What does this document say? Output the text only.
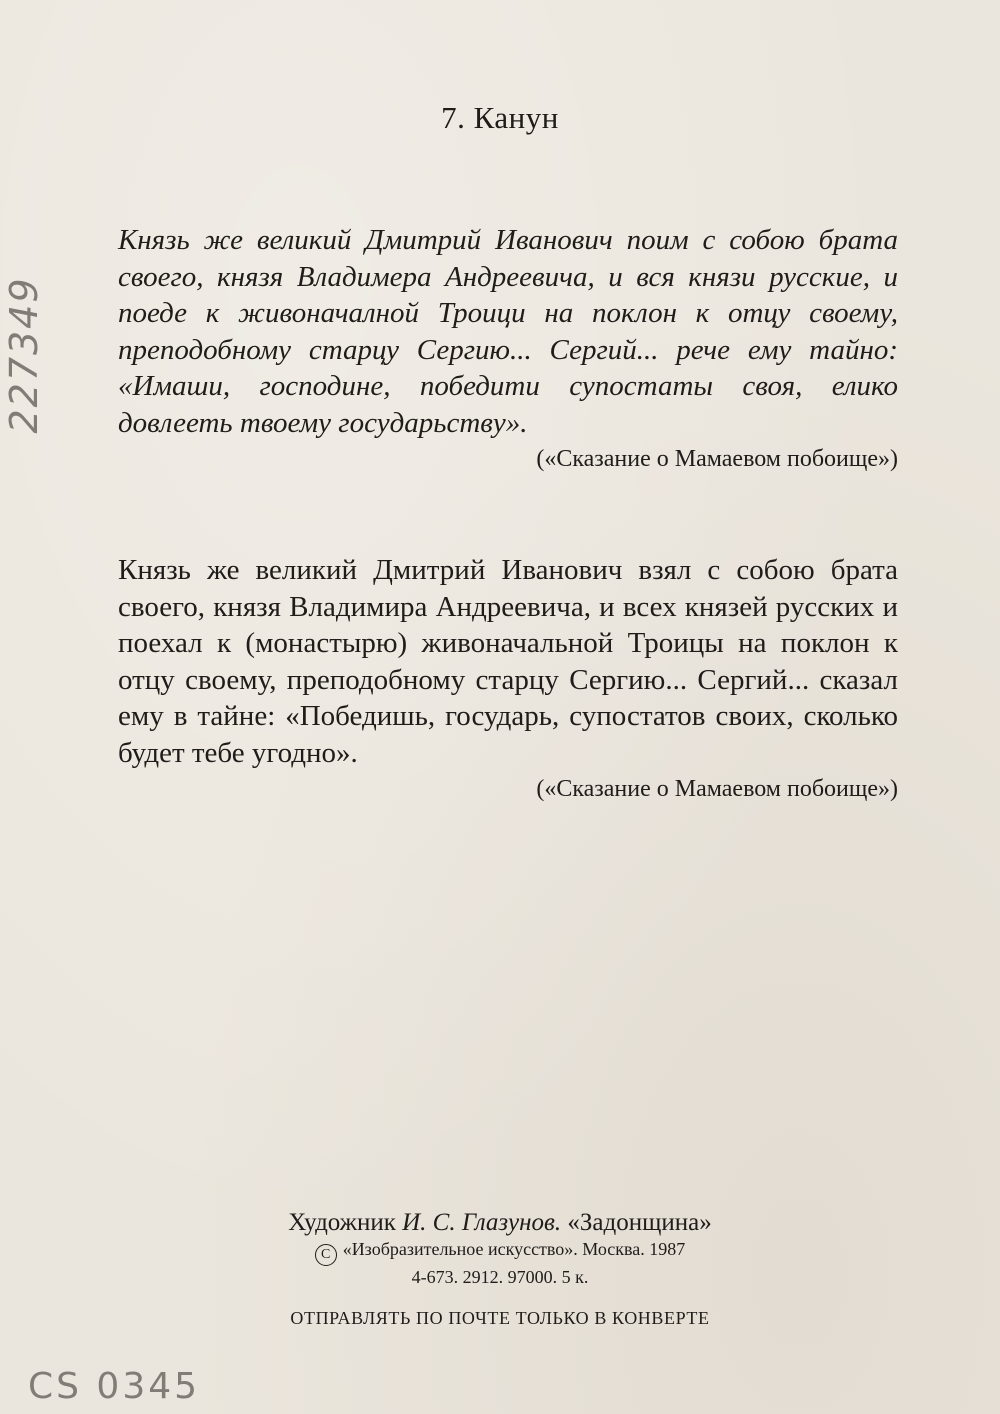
7. Канун
Князь же великий Дмитрий Иванович поим с собою брата своего, князя Владимера Андреевича, и вся князи русские, и поеде к живоначалной Троици на поклон к отцу своему, преподобному старцу Сергию... Сергий... рече ему тайно: «Имаши, господине, победити супостаты своя, елико довлееть твоему государьству».
(«Сказание о Мамаевом побоище»)
Князь же великий Дмитрий Иванович взял с собою брата своего, князя Владимира Андреевича, и всех князей русских и поехал к (монастырю) живоначальной Троицы на поклон к отцу своему, преподобному старцу Сергию... Сергий... сказал ему в тайне: «Победишь, государь, супостатов своих, сколько будет тебе угодно».
(«Сказание о Мамаевом побоище»)
Художник И. С. Глазунов. «Задонщина»
C «Изобразительное искусство». Москва. 1987
4-673. 2912. 97000. 5 к.
ОТПРАВЛЯТЬ ПО ПОЧТЕ ТОЛЬКО В КОНВЕРТЕ
227349
CS 0345
